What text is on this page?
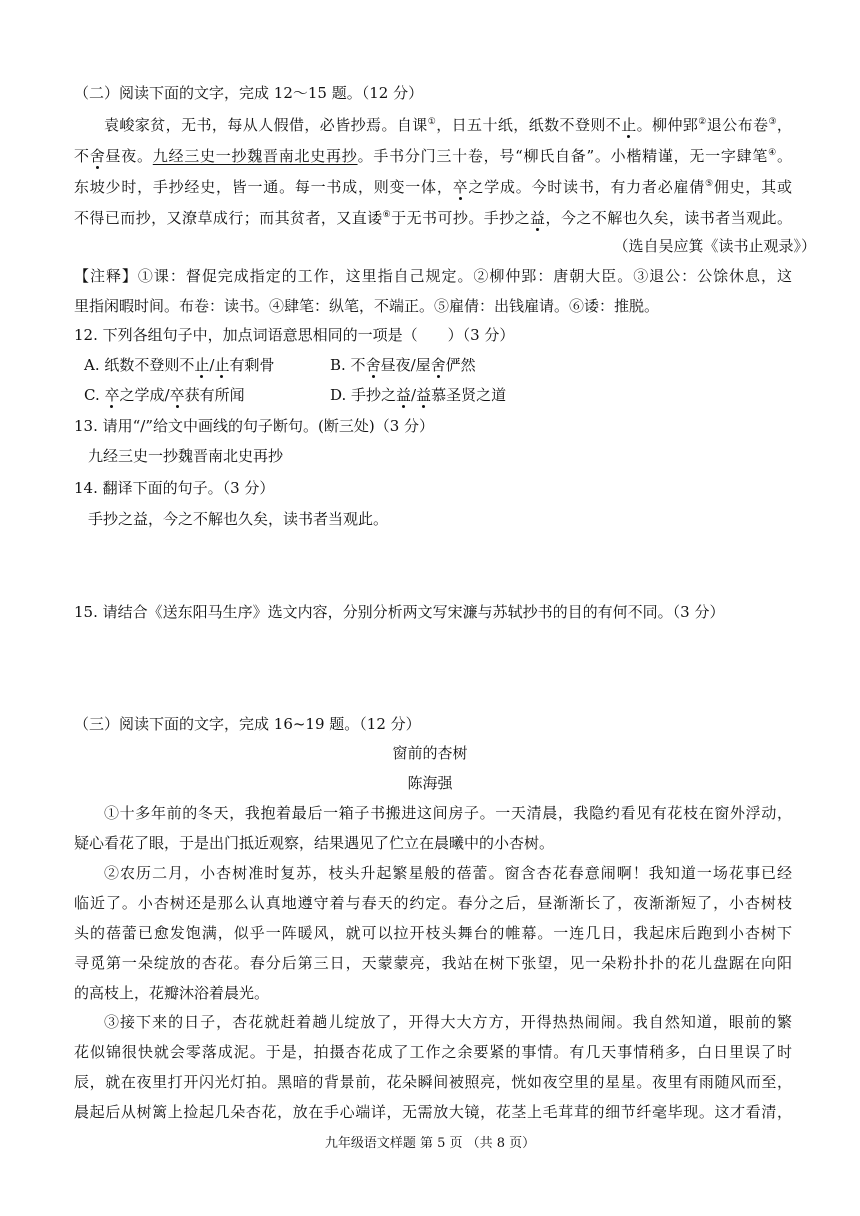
（二）阅读下面的文字，完成 12～15 题。（12 分）
袁峻家贫，无书，每从人假借，必皆抄焉。自课①，日五十纸，纸数不登则不止。柳仲郢②退公布卷③，
不舍昼夜。九经三史一抄魏晋南北史再抄。手书分门三十卷，号“柳氏自备”。小楷精谨，无一字肆笔④。
东坡少时，手抄经史，皆一通。每一书成，则变一体，卒之学成。今时读书，有力者必雇倩⑤佣史，其或
不得已而抄，又潦草成行；而其贫者，又直诿⑥于无书可抄。手抄之益，今之不解也久矣，读书者当观此。
（选自吴应箕《读书止观录》）
【注释】①课：督促完成指定的工作，这里指自己规定。②柳仲郢：唐朝大臣。③退公：公馀休息，这
里指闲暇时间。布卷：读书。④肆笔：纵笔，不端正。⑤雇倩：出钱雇请。⑥诿：推脱。
12. 下列各组句子中，加点词语意思相同的一项是（　　）（3 分）
A. 纸数不登则不止/止有剩骨	B. 不舍昼夜/屋舍俨然
C. 卒之学成/卒获有所闻	D. 手抄之益/益慕圣贤之道
13. 请用“/”给文中画线的句子断句。(断三处)（3 分）
九经三史一抄魏晋南北史再抄
14. 翻译下面的句子。（3 分）
手抄之益，今之不解也久矣，读书者当观此。
15. 请结合《送东阳马生序》选文内容，分别分析两文写宋濂与苏轼抄书的目的有何不同。（3 分）
（三）阅读下面的文字，完成 16~19 题。（12 分）
窗前的杏树
陈海强
①十多年前的冬天，我抱着最后一箱子书搬进这间房子。一天清晨，我隐约看见有花枝在窗外浮动，
疑心看花了眼，于是出门抵近观察，结果遇见了伫立在晨曦中的小杏树。
②农历二月，小杏树准时复苏，枝头升起繁星般的蓓蕾。窗含杏花春意闹啊！我知道一场花事已经
临近了。小杏树还是那么认真地遵守着与春天的约定。春分之后，昼渐渐长了，夜渐渐短了，小杏树枝
头的蓓蕾已愈发饱满，似乎一阵暖风，就可以拉开枝头舞台的帷幕。一连几日，我起床后跑到小杏树下
寻觅第一朵绽放的杏花。春分后第三日，天蒙蒙亮，我站在树下张望，见一朵粉扑扑的花儿盘踞在向阳
的高枝上，花瓣沐浴着晨光。
③接下来的日子，杏花就赶着趟儿绽放了，开得大大方方，开得热热闹闹。我自然知道，眼前的繁
花似锦很快就会零落成泥。于是，拍摄杏花成了工作之余要紧的事情。有几天事情稍多，白日里误了时
辰，就在夜里打开闪光灯拍。黑暗的背景前，花朵瞬间被照亮，恍如夜空里的星星。夜里有雨随风而至，
晨起后从树篱上捡起几朵杏花，放在手心端详，无需放大镜，花茎上毛茸茸的细节纤毫毕现。这才看清，
九年级语文样题 第 5 页 （共 8 页）
